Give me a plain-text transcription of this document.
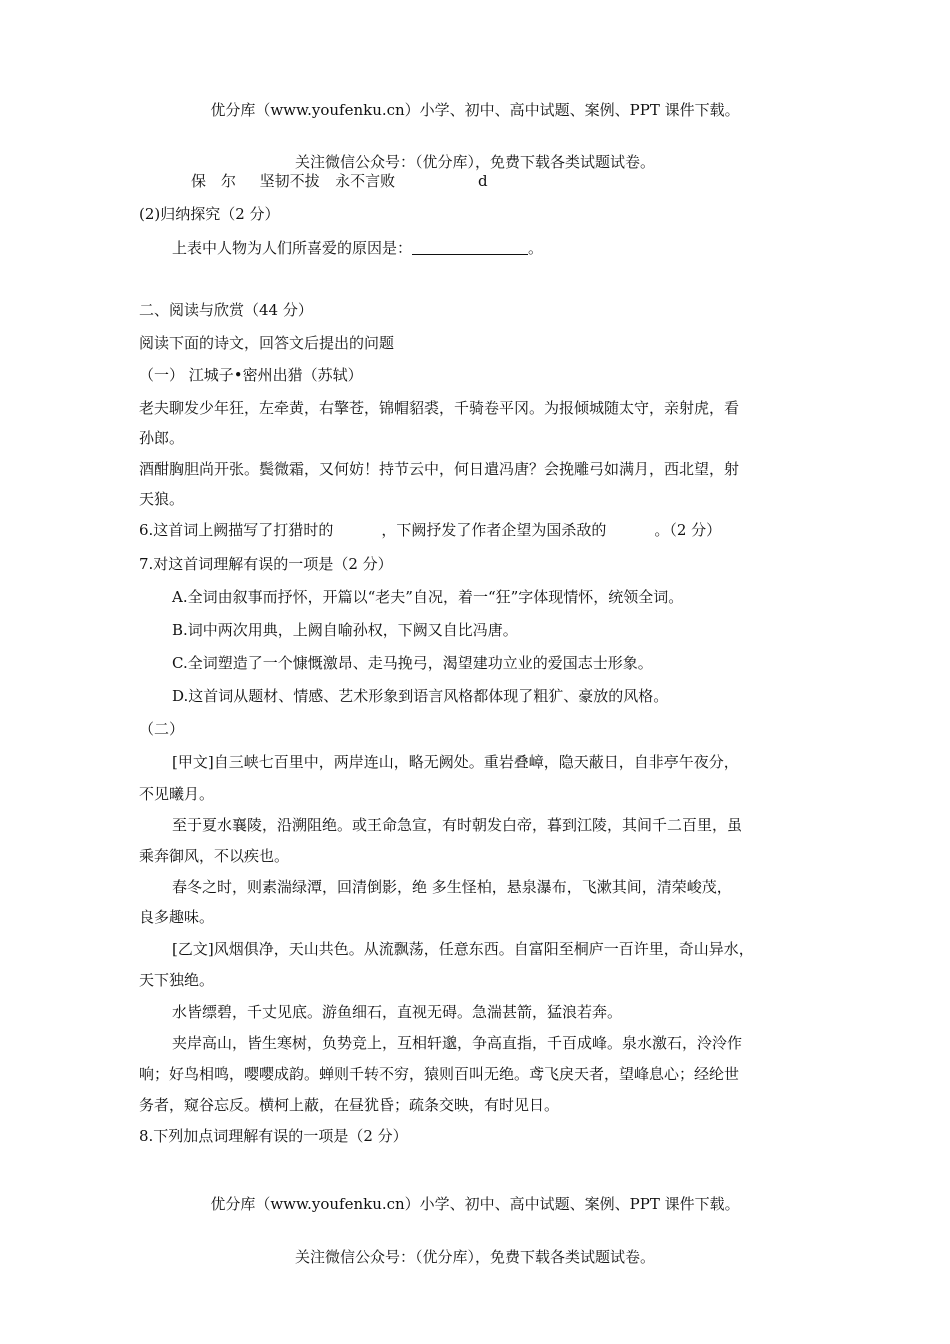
优分库（www.youfenku.cn）小学、初中、高中试题、案例、PPT 课件下载。
关注微信公众号：（优分库），免费下载各类试题试卷。
保　尔 坚韧不拔 永不言败	d
(2)归纳探究（2 分）
上表中人物为人们所喜爱的原因是：	。
二、阅读与欣赏（44 分）
阅读下面的诗文，回答文后提出的问题
（一） 江城子•密州出猎（苏轼）
老夫聊发少年狂，左牵黄，右擎苍，锦帽貂裘，千骑卷平冈。为报倾城随太守，亲射虎，看
孙郎。
酒酣胸胆尚开张。鬓微霜，又何妨！持节云中，何日遣冯唐？会挽雕弓如满月，西北望，射
天狼。
6.这首词上阙描写了打猎时的	，下阙抒发了作者企望为国杀敌的	。（2 分）
7.对这首词理解有误的一项是（2 分）
A.全词由叙事而抒怀，开篇以“老夫”自况，着一“狂”字体现情怀，统领全词。
B.词中两次用典，上阙自喻孙权，下阙又自比冯唐。
C.全词塑造了一个慷慨激昂、走马挽弓，渴望建功立业的爱国志士形象。
D.这首词从题材、情感、艺术形象到语言风格都体现了粗犷、豪放的风格。
（二）
[甲文]自三峡七百里中，两岸连山，略无阙处。重岩叠嶂，隐天蔽日，自非亭午夜分，
不见曦月。
至于夏水襄陵，沿溯阻绝。或王命急宣，有时朝发白帝，暮到江陵，其间千二百里，虽
乘奔御风，不以疾也。
春冬之时，则素湍绿潭，回清倒影，绝 多生怪柏，悬泉瀑布，飞漱其间，清荣峻茂，
良多趣味。
[乙文]风烟俱净，天山共色。从流飘荡，任意东西。自富阳至桐庐一百许里，奇山异水，
天下独绝。
水皆缥碧，千丈见底。游鱼细石，直视无碍。急湍甚箭，猛浪若奔。
夹岸高山，皆生寒树，负势竞上，互相轩邈，争高直指，千百成峰。泉水激石，泠泠作
响；好鸟相鸣，嘤嘤成韵。蝉则千转不穷，猿则百叫无绝。鸢飞戾天者，望峰息心；经纶世
务者，窥谷忘反。横柯上蔽，在昼犹昏；疏条交映，有时见日。
8.下列加点词理解有误的一项是（2 分）
优分库（www.youfenku.cn）小学、初中、高中试题、案例、PPT 课件下载。
关注微信公众号：（优分库），免费下载各类试题试卷。
